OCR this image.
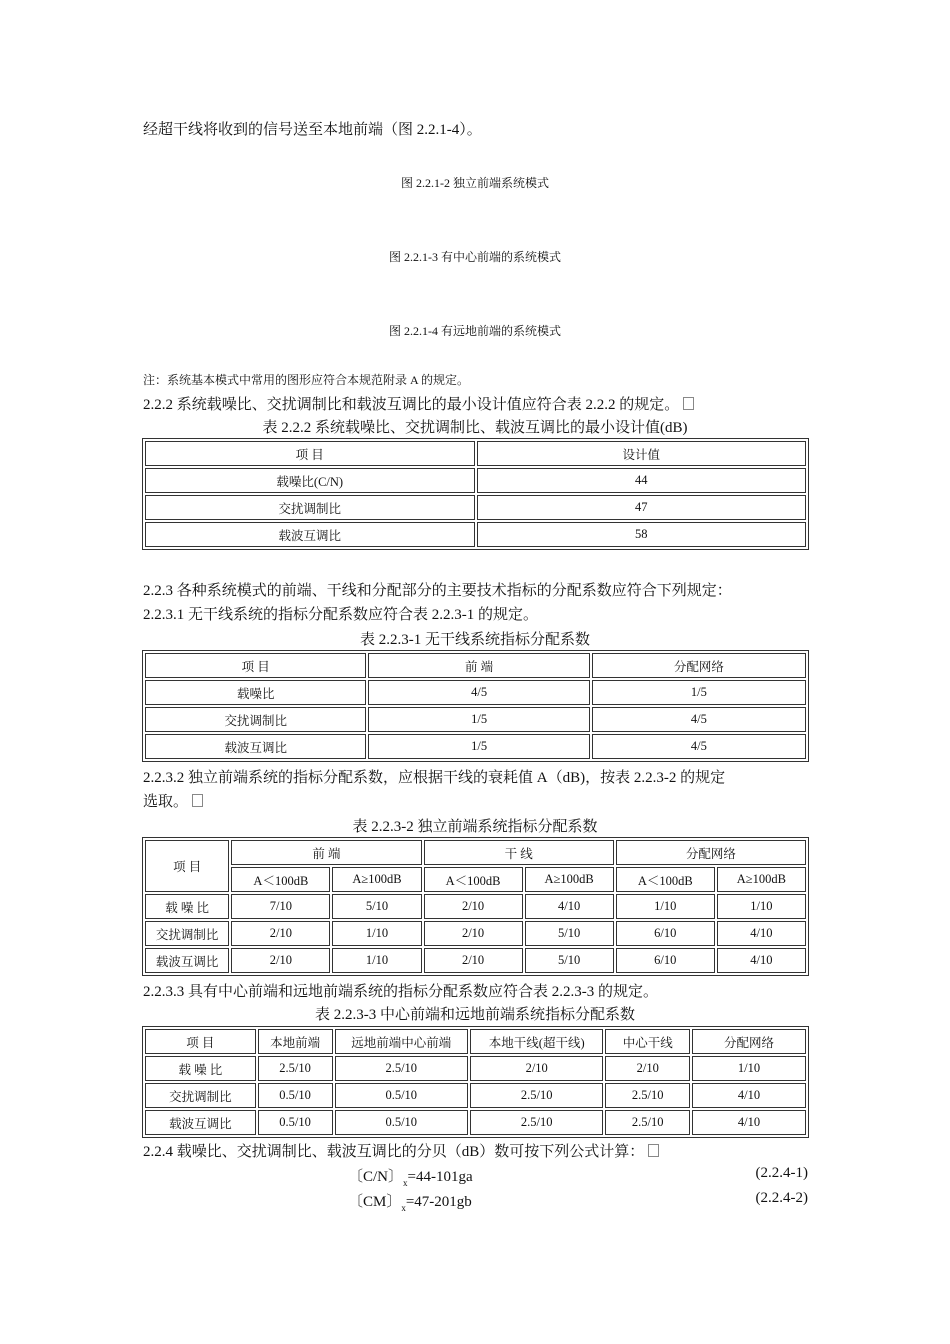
经超干线将收到的信号送至本地前端（图 2.2.1-4）。
图 2.2.1-2 独立前端系统模式
图 2.2.1-3 有中心前端的系统模式
图 2.2.1-4 有远地前端的系统模式
注：系统基本模式中常用的图形应符合本规范附录 A 的规定。
2.2.2 系统载噪比、交扰调制比和载波互调比的最小设计值应符合表 2.2.2 的规定。
表 2.2.2 系统载噪比、交扰调制比、载波互调比的最小设计值(dB)
项 目	设计值
载噪比(C/N)	44
交扰调制比	47
载波互调比	58
2.2.3 各种系统模式的前端、干线和分配部分的主要技术指标的分配系数应符合下列规定：
2.2.3.1 无干线系统的指标分配系数应符合表 2.2.3-1 的规定。
表 2.2.3-1 无干线系统指标分配系数
项 目	前 端	分配网络
载噪比	4/5	1/5
交扰调制比	1/5	4/5
载波互调比	1/5	4/5
2.2.3.2 独立前端系统的指标分配系数，应根据干线的衰耗值 A（dB)，按表 2.2.3-2 的规定
选取。
表 2.2.3-2 独立前端系统指标分配系数
项 目	前 端		干 线		分配网络	
	A＜100dB	A≥100dB	A＜100dB	A≥100dB	A＜100dB	A≥100dB
载 噪 比	7/10	5/10	2/10	4/10	1/10	1/10
交扰调制比	2/10	1/10	2/10	5/10	6/10	4/10
载波互调比	2/10	1/10	2/10	5/10	6/10	4/10
2.2.3.3 具有中心前端和远地前端系统的指标分配系数应符合表 2.2.3-3 的规定。
表 2.2.3-3 中心前端和远地前端系统指标分配系数
项 目	本地前端	远地前端中心前端	本地干线(超干线)	中心干线	分配网络
载 噪 比	2.5/10	2.5/10	2/10	2/10	1/10
交扰调制比	0.5/10	0.5/10	2.5/10	2.5/10	4/10
载波互调比	0.5/10	0.5/10	2.5/10	2.5/10	4/10
2.2.4 载噪比、交扰调制比、载波互调比的分贝（dB）数可按下列公式计算：
〔C/N〕$_x$=44-101ga	(2.2.4-1)
〔CM〕$_x$=47-201gb	(2.2.4-2)
